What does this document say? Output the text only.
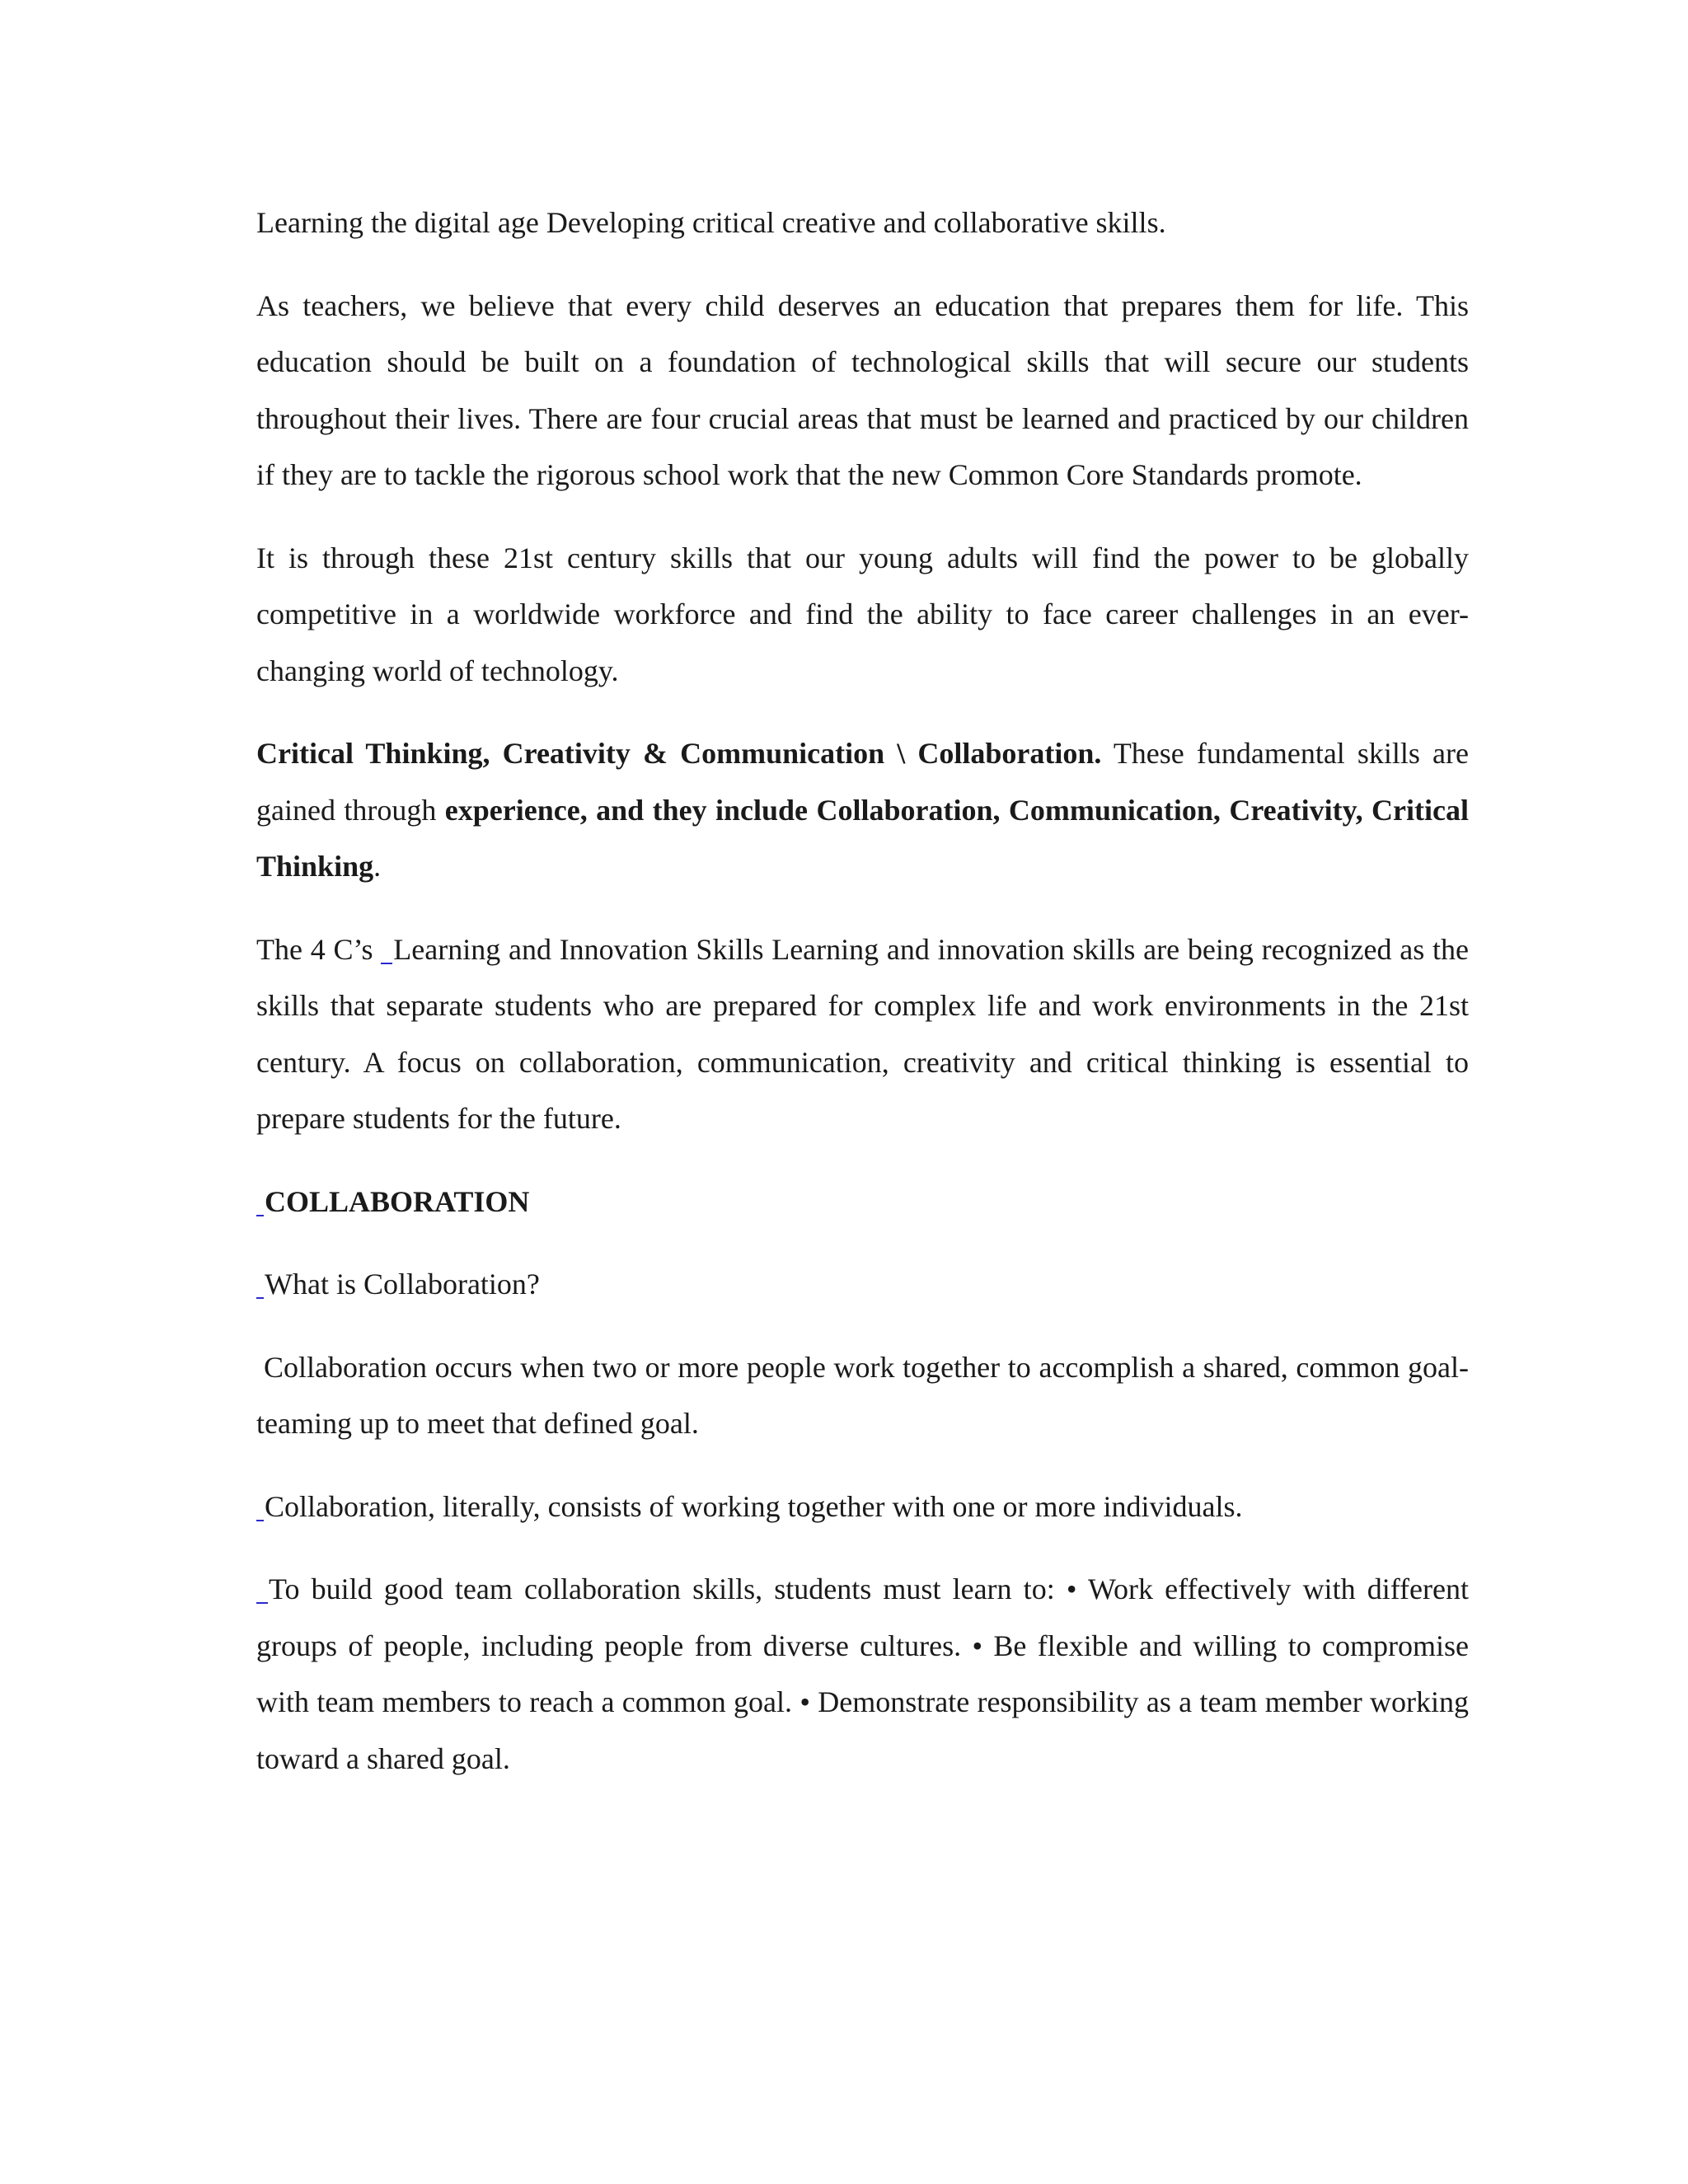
Learning the digital age Developing critical creative and collaborative skills.

As teachers, we believe that every child deserves an education that prepares them for life. This education should be built on a foundation of technological skills that will secure our students throughout their lives. There are four crucial areas that must be learned and practiced by our children if they are to tackle the rigorous school work that the new Common Core Standards promote.

It is through these 21st century skills that our young adults will find the power to be globally competitive in a worldwide workforce and find the ability to face career challenges in an ever- changing world of technology.

Critical Thinking, Creativity & Communication \ Collaboration. These fundamental skills are gained through experience, and they include Collaboration, Communication, Creativity, Critical Thinking.

The 4 C’s Learning and Innovation Skills Learning and innovation skills are being recognized as the skills that separate students who are prepared for complex life and work environments in the 21st century. A focus on collaboration, communication, creativity and critical thinking is essential to prepare students for the future.

COLLABORATION

What is Collaboration?

Collaboration occurs when two or more people work together to accomplish a shared, common goal-teaming up to meet that defined goal.

Collaboration, literally, consists of working together with one or more individuals.

To build good team collaboration skills, students must learn to: • Work effectively with different groups of people, including people from diverse cultures. • Be flexible and willing to compromise with team members to reach a common goal. • Demonstrate responsibility as a team member working toward a shared goal.
